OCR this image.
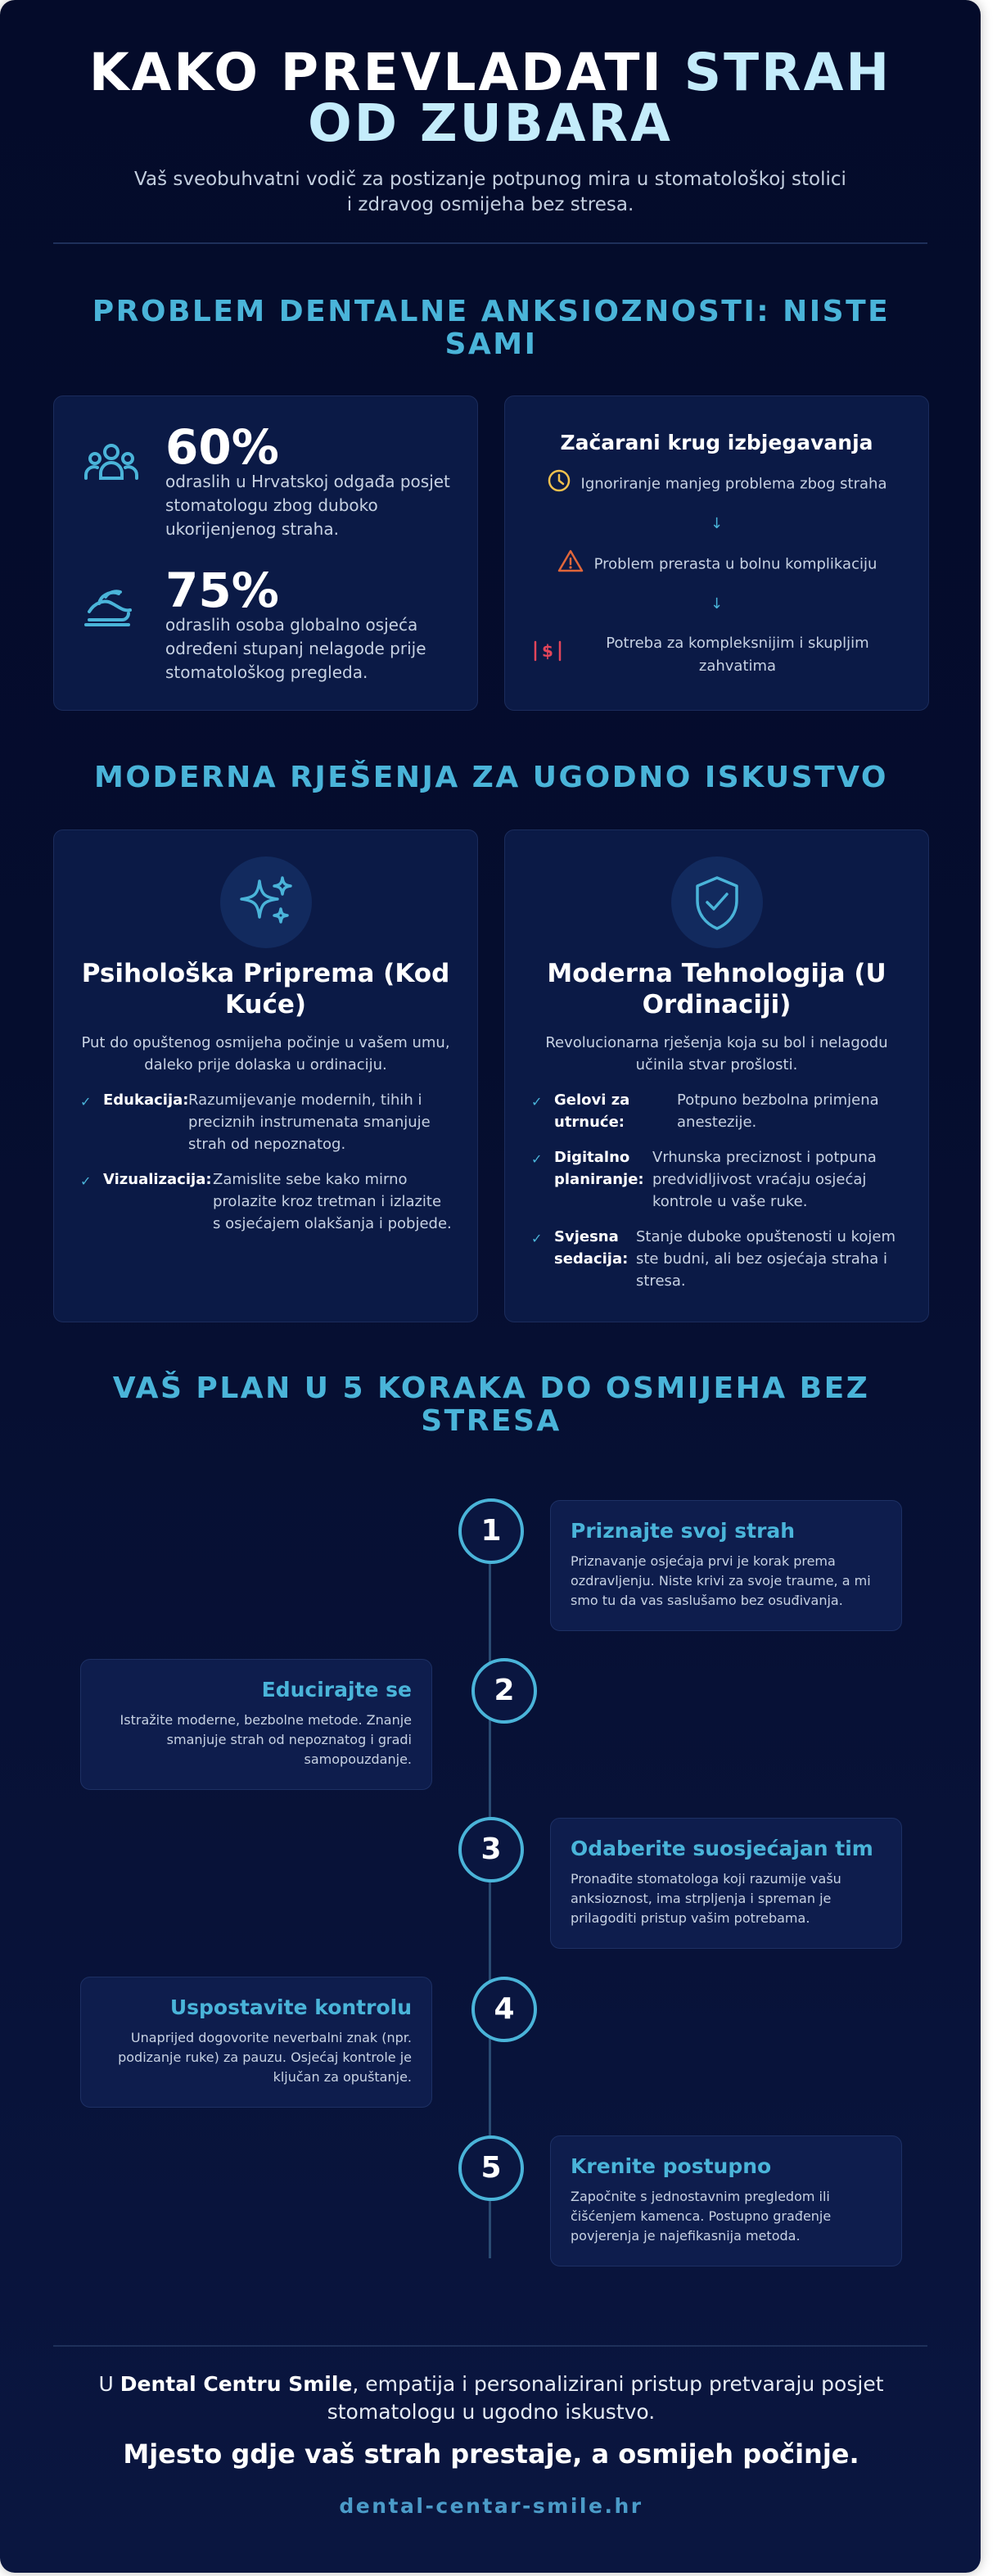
KAKO PREVLADATI STRAH OD ZUBARA
Vaš sveobuhvatni vodič za postizanje potpunog mira u stomatološkoj stolici i zdravog osmijeha bez stresa.
PROBLEM DENTALNE ANKSIOZNOSTI: NISTE SAMI
60%
odraslih u Hrvatskoj odgađa posjet stomatologu zbog duboko ukorijenjenog straha.
75%
odraslih osoba globalno osjeća određeni stupanj nelagode prije stomatološkog pregleda.
Začarani krug izbjegavanja
Ignoriranje manjeg problema zbog straha
↓
Problem prerasta u bolnu komplikaciju
↓
$	Potreba za kompleksnijim i skupljim zahvatima
MODERNA RJEŠENJA ZA UGODNO ISKUSTVO
Psihološka Priprema (Kod Kuće)
Put do opuštenog osmijeha počinje u vašem umu, daleko prije dolaska u ordinaciju.
✓ Edukacija: Razumijevanje modernih, tihih i preciznih instrumenata smanjuje strah od nepoznatog.
✓ Vizualizacija: Zamislite sebe kako mirno prolazite kroz tretman i izlazite s osjećajem olakšanja i pobjede.
Moderna Tehnologija (U Ordinaciji)
Revolucionarna rješenja koja su bol i nelagodu učinila stvar prošlosti.
✓ Gelovi za utrnuće:
Potpuno bezbolna primjena anestezije.
✓ Digitalno planiranje:
Vrhunska preciznost i potpuna predvidljivost vraćaju osjećaj kontrole u vaše ruke.
✓ Svjesna sedacija:
Stanje duboke opuštenosti u kojem ste budni, ali bez osjećaja straha i stresa.
VAŠ PLAN U 5 KORAKA DO OSMIJEHA BEZ STRESA
1	Priznajte svoj strah
Priznavanje osjećaja prvi je korak prema ozdravljenju. Niste krivi za svoje traume, a mi smo tu da vas saslušamo bez osuđivanja.
2
Educirajte se
Istražite moderne, bezbolne metode. Znanje smanjuje strah od nepoznatog i gradi samopouzdanje.
3	Odaberite suosjećajan tim
Pronađite stomatologa koji razumije vašu anksioznost, ima strpljenja i spreman je prilagoditi pristup vašim potrebama.
4
Uspostavite kontrolu
Unaprijed dogovorite neverbalni znak (npr. podizanje ruke) za pauzu. Osjećaj kontrole je ključan za opuštanje.
5	Krenite postupno
Započnite s jednostavnim pregledom ili čišćenjem kamenca. Postupno građenje povjerenja je najefikasnija metoda.
U Dental Centru Smile, empatija i personalizirani pristup pretvaraju posjet stomatologu u ugodno iskustvo.
Mjesto gdje vaš strah prestaje, a osmijeh počinje.
dental-centar-smile.hr
